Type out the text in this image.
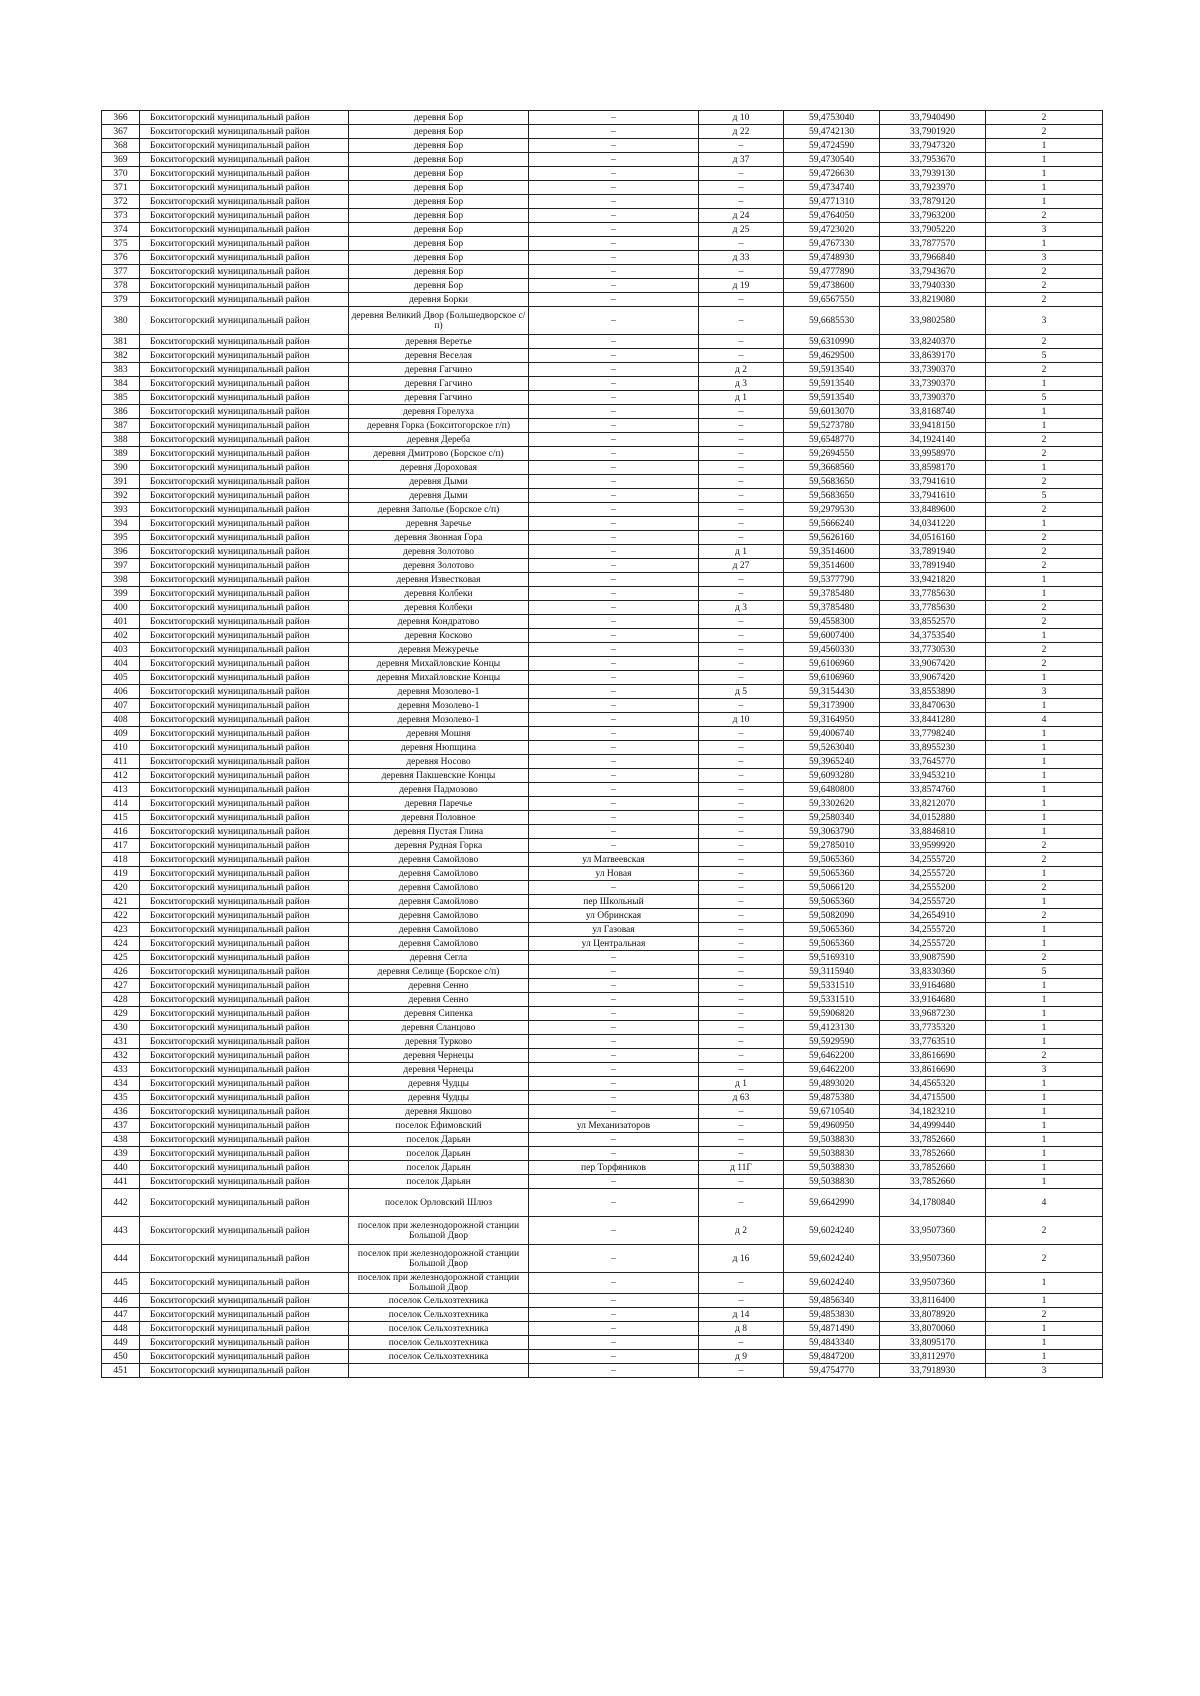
366	Бокситогорский муниципальный район	деревня Бор	–	д 10	59,4753040	33,7940490	2
367	Бокситогорский муниципальный район	деревня Бор	–	д 22	59,4742130	33,7901920	2
368	Бокситогорский муниципальный район	деревня Бор	–	–	59,4724590	33,7947320	1
369	Бокситогорский муниципальный район	деревня Бор	–	д 37	59,4730540	33,7953670	1
370	Бокситогорский муниципальный район	деревня Бор	–	–	59,4726630	33,7939130	1
371	Бокситогорский муниципальный район	деревня Бор	–	–	59,4734740	33,7923970	1
372	Бокситогорский муниципальный район	деревня Бор	–	–	59,4771310	33,7879120	1
373	Бокситогорский муниципальный район	деревня Бор	–	д 24	59,4764050	33,7963200	2
374	Бокситогорский муниципальный район	деревня Бор	–	д 25	59,4723020	33,7905220	3
375	Бокситогорский муниципальный район	деревня Бор	–	–	59,4767330	33,7877570	1
376	Бокситогорский муниципальный район	деревня Бор	–	д 33	59,4748930	33,7966840	3
377	Бокситогорский муниципальный район	деревня Бор	–	–	59,4777890	33,7943670	2
378	Бокситогорский муниципальный район	деревня Бор	–	д 19	59,4738600	33,7940330	2
379	Бокситогорский муниципальный район	деревня Борки	–	–	59,6567550	33,8219080	2
380	Бокситогорский муниципальный район	деревня Великий Двор (Большедворское с/п)	–	–	59,6685530	33,9802580	3
381	Бокситогорский муниципальный район	деревня Веретье	–	–	59,6310990	33,8240370	2
382	Бокситогорский муниципальный район	деревня Веселая	–	–	59,4629500	33,8639170	5
383	Бокситогорский муниципальный район	деревня Гагчино	–	д 2	59,5913540	33,7390370	2
384	Бокситогорский муниципальный район	деревня Гагчино	–	д 3	59,5913540	33,7390370	1
385	Бокситогорский муниципальный район	деревня Гагчино	–	д 1	59,5913540	33,7390370	5
386	Бокситогорский муниципальный район	деревня Горелуха	–	–	59,6013070	33,8168740	1
387	Бокситогорский муниципальный район	деревня Горка (Бокситогорское г/п)	–	–	59,5273780	33,9418150	1
388	Бокситогорский муниципальный район	деревня Дереба	–	–	59,6548770	34,1924140	2
389	Бокситогорский муниципальный район	деревня Дмитрово (Борское с/п)	–	–	59,2694550	33,9958970	2
390	Бокситогорский муниципальный район	деревня Дороховая	–	–	59,3668560	33,8598170	1
391	Бокситогорский муниципальный район	деревня Дыми	–	–	59,5683650	33,7941610	2
392	Бокситогорский муниципальный район	деревня Дыми	–	–	59,5683650	33,7941610	5
393	Бокситогорский муниципальный район	деревня Заполье (Борское с/п)	–	–	59,2979530	33,8489600	2
394	Бокситогорский муниципальный район	деревня Заречье	–	–	59,5666240	34,0341220	1
395	Бокситогорский муниципальный район	деревня Звонная Гора	–	–	59,5626160	34,0516160	2
396	Бокситогорский муниципальный район	деревня Золотово	–	д 1	59,3514600	33,7891940	2
397	Бокситогорский муниципальный район	деревня Золотово	–	д 27	59,3514600	33,7891940	2
398	Бокситогорский муниципальный район	деревня Известковая	–	–	59,5377790	33,9421820	1
399	Бокситогорский муниципальный район	деревня Колбеки	–	–	59,3785480	33,7785630	1
400	Бокситогорский муниципальный район	деревня Колбеки	–	д 3	59,3785480	33,7785630	2
401	Бокситогорский муниципальный район	деревня Кондратово	–	–	59,4558300	33,8552570	2
402	Бокситогорский муниципальный район	деревня Косково	–	–	59,6007400	34,3753540	1
403	Бокситогорский муниципальный район	деревня Межуречье	–	–	59,4560330	33,7730530	2
404	Бокситогорский муниципальный район	деревня Михайловские Концы	–	–	59,6106960	33,9067420	2
405	Бокситогорский муниципальный район	деревня Михайловские Концы	–	–	59,6106960	33,9067420	1
406	Бокситогорский муниципальный район	деревня Мозолево-1	–	д 5	59,3154430	33,8553890	3
407	Бокситогорский муниципальный район	деревня Мозолево-1	–	–	59,3173900	33,8470630	1
408	Бокситогорский муниципальный район	деревня Мозолево-1	–	д 10	59,3164950	33,8441280	4
409	Бокситогорский муниципальный район	деревня Мошня	–	–	59,4006740	33,7798240	1
410	Бокситогорский муниципальный район	деревня Нюпщина	–	–	59,5263040	33,8955230	1
411	Бокситогорский муниципальный район	деревня Носово	–	–	59,3965240	33,7645770	1
412	Бокситогорский муниципальный район	деревня Пакшевские Концы	–	–	59,6093280	33,9453210	1
413	Бокситогорский муниципальный район	деревня Падмозово	–	–	59,6480800	33,8574760	1
414	Бокситогорский муниципальный район	деревня Паречье	–	–	59,3302620	33,8212070	1
415	Бокситогорский муниципальный район	деревня Половное	–	–	59,2580340	34,0152880	1
416	Бокситогорский муниципальный район	деревня Пустая Глина	–	–	59,3063790	33,8846810	1
417	Бокситогорский муниципальный район	деревня Рудная Горка	–	–	59,2785010	33,9599920	2
418	Бокситогорский муниципальный район	деревня Самойлово	ул Матвеевская	–	59,5065360	34,2555720	2
419	Бокситогорский муниципальный район	деревня Самойлово	ул Новая	–	59,5065360	34,2555720	1
420	Бокситогорский муниципальный район	деревня Самойлово	–	–	59,5066120	34,2555200	2
421	Бокситогорский муниципальный район	деревня Самойлово	пер Школьный	–	59,5065360	34,2555720	1
422	Бокситогорский муниципальный район	деревня Самойлово	ул Обринская	–	59,5082090	34,2654910	2
423	Бокситогорский муниципальный район	деревня Самойлово	ул Газовая	–	59,5065360	34,2555720	1
424	Бокситогорский муниципальный район	деревня Самойлово	ул Центральная	–	59,5065360	34,2555720	1
425	Бокситогорский муниципальный район	деревня Сегла	–	–	59,5169310	33,9087590	2
426	Бокситогорский муниципальный район	деревня Селище (Борское с/п)	–	–	59,3115940	33,8330360	5
427	Бокситогорский муниципальный район	деревня Сенно	–	–	59,5331510	33,9164680	1
428	Бокситогорский муниципальный район	деревня Сенно	–	–	59,5331510	33,9164680	1
429	Бокситогорский муниципальный район	деревня Сипенка	–	–	59,5906820	33,9687230	1
430	Бокситогорский муниципальный район	деревня Сланцово	–	–	59,4123130	33,7735320	1
431	Бокситогорский муниципальный район	деревня Турково	–	–	59,5929590	33,7763510	1
432	Бокситогорский муниципальный район	деревня Чернецы	–	–	59,6462200	33,8616690	2
433	Бокситогорский муниципальный район	деревня Чернецы	–	–	59,6462200	33,8616690	3
434	Бокситогорский муниципальный район	деревня Чудцы	–	д 1	59,4893020	34,4565320	1
435	Бокситогорский муниципальный район	деревня Чудцы	–	д 63	59,4875380	34,4715500	1
436	Бокситогорский муниципальный район	деревня Якшово	–	–	59,6710540	34,1823210	1
437	Бокситогорский муниципальный район	поселок Ефимовский	ул Механизаторов	–	59,4960950	34,4999440	1
438	Бокситогорский муниципальный район	поселок Дарьян	–	–	59,5038830	33,7852660	1
439	Бокситогорский муниципальный район	поселок Дарьян	–	–	59,5038830	33,7852660	1
440	Бокситогорский муниципальный район	поселок Дарьян	пер Торфяников	д 11Г	59,5038830	33,7852660	1
441	Бокситогорский муниципальный район	поселок Дарьян	–	–	59,5038830	33,7852660	1
442	Бокситогорский муниципальный район	поселок Орловский Шлюз	–	–	59,6642990	34,1780840	4
443	Бокситогорский муниципальный район	поселок при железнодорожной станции Большой Двор	–	д 2	59,6024240	33,9507360	2
444	Бокситогорский муниципальный район	поселок при железнодорожной станции Большой Двор	–	д 16	59,6024240	33,9507360	2
445	Бокситогорский муниципальный район	поселок при железнодорожной станции Большой Двор	–	–	59,6024240	33,9507360	1
446	Бокситогорский муниципальный район	поселок Сельхозтехника	–	–	59,4856340	33,8116400	1
447	Бокситогорский муниципальный район	поселок Сельхозтехника	–	д 14	59,4853830	33,8078920	2
448	Бокситогорский муниципальный район	поселок Сельхозтехника	–	д 8	59,4871490	33,8070060	1
449	Бокситогорский муниципальный район	поселок Сельхозтехника	–	–	59,4843340	33,8095170	1
450	Бокситогорский муниципальный район	поселок Сельхозтехника	–	д 9	59,4847200	33,8112970	1
451	Бокситогорский муниципальный район		–	–	59,4754770	33,7918930	3
